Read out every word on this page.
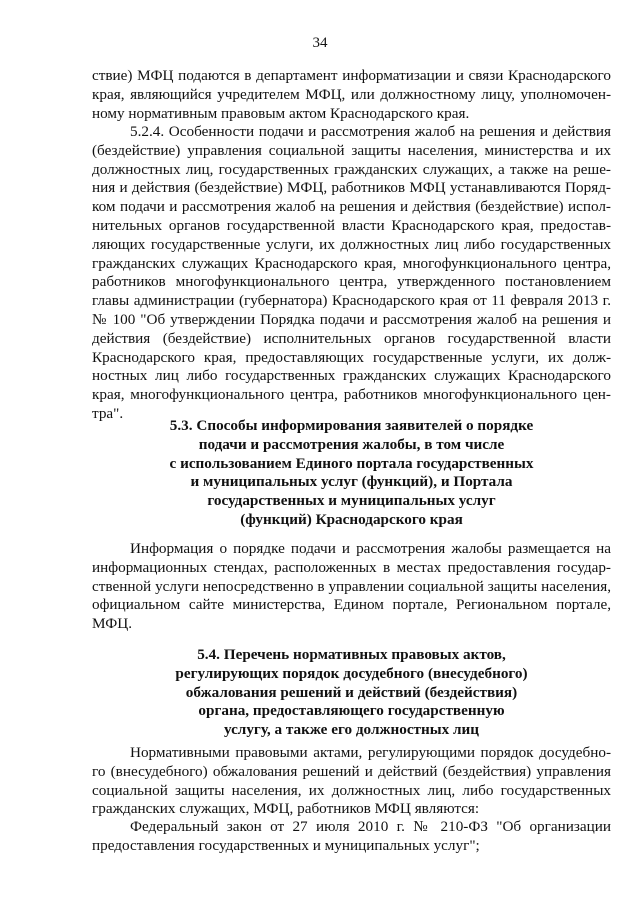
34
ствие) МФЦ подаются в департамент информатизации и связи Краснодарского
края, являющийся учредителем МФЦ, или должностному лицу, уполномочен-
ному нормативным правовым актом Краснодарского края.
5.2.4. Особенности подачи и рассмотрения жалоб на решения и действия
(бездействие) управления социальной защиты населения, министерства и их
должностных лиц, государственных гражданских служащих, а также на реше-
ния и действия (бездействие) МФЦ, работников МФЦ устанавливаются Поряд-
ком подачи и рассмотрения жалоб на решения и действия (бездействие) испол-
нительных органов государственной власти Краснодарского края, предостав-
ляющих государственные услуги, их должностных лиц либо государственных
гражданских служащих Краснодарского края, многофункционального центра,
работников многофункционального центра, утвержденного постановлением
главы администрации (губернатора) Краснодарского края от 11 февраля 2013 г.
№ 100 "Об утверждении Порядка подачи и рассмотрения жалоб на решения и
действия (бездействие) исполнительных органов государственной власти
Краснодарского края, предоставляющих государственные услуги, их долж-
ностных лиц либо государственных гражданских служащих Краснодарского
края, многофункционального центра, работников многофункционального цен-
тра".
5.3. Способы информирования заявителей о порядке
подачи и рассмотрения жалобы, в том числе
с использованием Единого портала государственных
и муниципальных услуг (функций), и Портала
государственных и муниципальных услуг
(функций) Краснодарского края
Информация о порядке подачи и рассмотрения жалобы размещается на
информационных стендах, расположенных в местах предоставления государ-
ственной услуги непосредственно в управлении социальной защиты населения,
официальном сайте министерства, Едином портале, Региональном портале,
МФЦ.
5.4. Перечень нормативных правовых актов,
регулирующих порядок досудебного (внесудебного)
обжалования решений и действий (бездействия)
органа, предоставляющего государственную
услугу, а также его должностных лиц
Нормативными правовыми актами, регулирующими порядок досудебно-
го (внесудебного) обжалования решений и действий (бездействия) управления
социальной защиты населения, их должностных лиц, либо государственных
гражданских служащих, МФЦ, работников МФЦ являются:
Федеральный закон от 27 июля 2010 г. № 210-ФЗ "Об организации
предоставления государственных и муниципальных услуг";
